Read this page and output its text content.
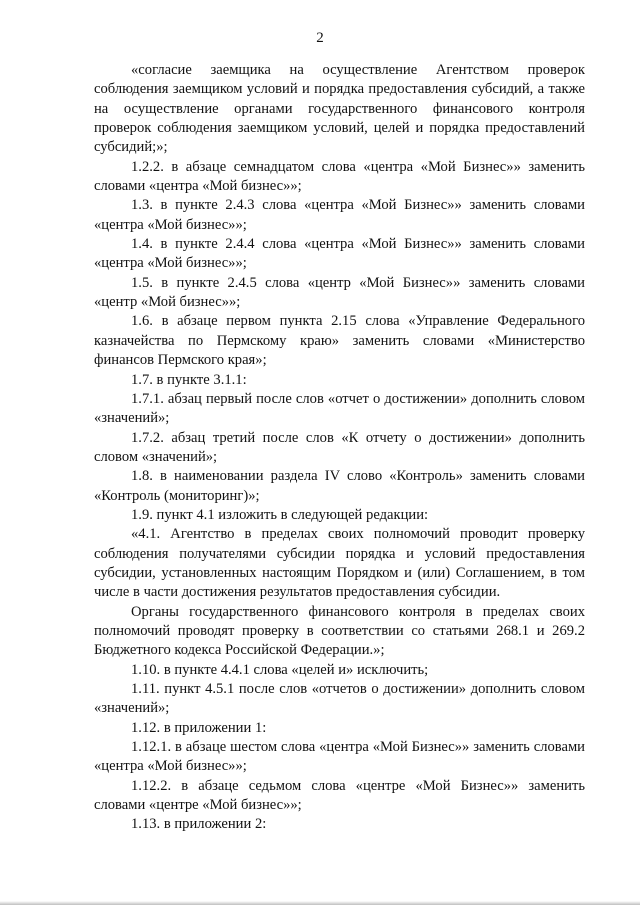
2

«согласие заемщика на осуществление Агентством проверок соблюдения заемщиком условий и порядка предоставления субсидий, а также на осуществление органами государственного финансового контроля проверок соблюдения заемщиком условий, целей и порядка предоставлений субсидий;»;

1.2.2. в абзаце семнадцатом слова «центра «Мой Бизнес»» заменить словами «центра «Мой бизнес»»;

1.3. в пункте 2.4.3 слова «центра «Мой Бизнес»» заменить словами «центра «Мой бизнес»»;

1.4. в пункте 2.4.4 слова «центра «Мой Бизнес»» заменить словами «центра «Мой бизнес»»;

1.5. в пункте 2.4.5 слова «центр «Мой Бизнес»» заменить словами «центр «Мой бизнес»»;

1.6. в абзаце первом пункта 2.15 слова «Управление Федерального казначейства по Пермскому краю» заменить словами «Министерство финансов Пермского края»;

1.7. в пункте 3.1.1:

1.7.1. абзац первый после слов «отчет о достижении» дополнить словом «значений»;

1.7.2. абзац третий после слов «К отчету о достижении» дополнить словом «значений»;

1.8. в наименовании раздела IV слово «Контроль» заменить словами «Контроль (мониторинг)»;

1.9. пункт 4.1 изложить в следующей редакции:

«4.1. Агентство в пределах своих полномочий проводит проверку соблюдения получателями субсидии порядка и условий предоставления субсидии, установленных настоящим Порядком и (или) Соглашением, в том числе в части достижения результатов предоставления субсидии.

Органы государственного финансового контроля в пределах своих полномочий проводят проверку в соответствии со статьями 268.1 и 269.2 Бюджетного кодекса Российской Федерации.»;

1.10. в пункте 4.4.1 слова «целей и» исключить;

1.11. пункт 4.5.1 после слов «отчетов о достижении» дополнить словом «значений»;

1.12. в приложении 1:

1.12.1. в абзаце шестом слова «центра «Мой Бизнес»» заменить словами «центра «Мой бизнес»»;

1.12.2. в абзаце седьмом слова «центре «Мой Бизнес»» заменить словами «центре «Мой бизнес»»;

1.13. в приложении 2:
